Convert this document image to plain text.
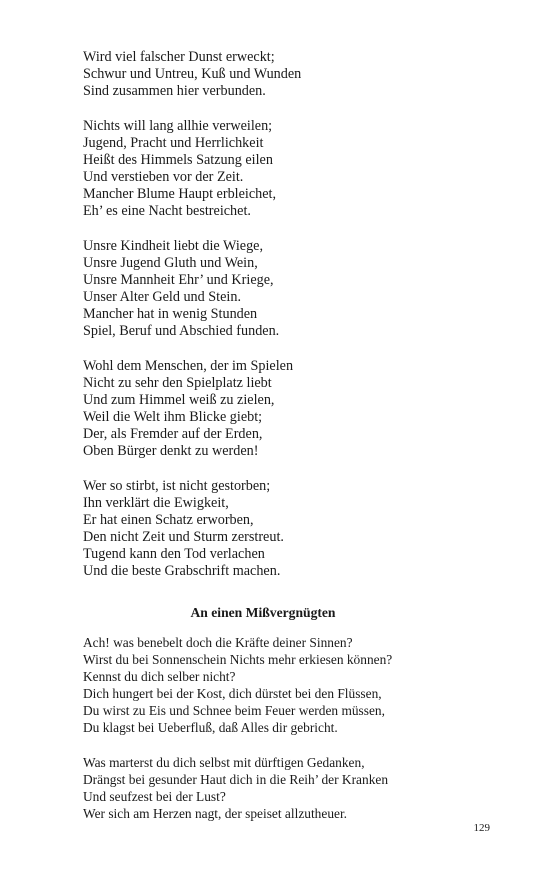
Wird viel falscher Dunst erweckt;
Schwur und Untreu, Kuß und Wunden
Sind zusammen hier verbunden.
Nichts will lang allhie verweilen;
Jugend, Pracht und Herrlichkeit
Heißt des Himmels Satzung eilen
Und verstieben vor der Zeit.
Mancher Blume Haupt erbleichet,
Eh’ es eine Nacht bestreichet.
Unsre Kindheit liebt die Wiege,
Unsre Jugend Gluth und Wein,
Unsre Mannheit Ehr’ und Kriege,
Unser Alter Geld und Stein.
Mancher hat in wenig Stunden
Spiel, Beruf und Abschied funden.
Wohl dem Menschen, der im Spielen
Nicht zu sehr den Spielplatz liebt
Und zum Himmel weiß zu zielen,
Weil die Welt ihm Blicke giebt;
Der, als Fremder auf der Erden,
Oben Bürger denkt zu werden!
Wer so stirbt, ist nicht gestorben;
Ihn verklärt die Ewigkeit,
Er hat einen Schatz erworben,
Den nicht Zeit und Sturm zerstreut.
Tugend kann den Tod verlachen
Und die beste Grabschrift machen.
An einen Mißvergnügten
Ach! was benebelt doch die Kräfte deiner Sinnen?
Wirst du bei Sonnenschein Nichts mehr erkiesen können?
Kennst du dich selber nicht?
Dich hungert bei der Kost, dich dürstet bei den Flüssen,
Du wirst zu Eis und Schnee beim Feuer werden müssen,
Du klagst bei Ueberfluß, daß Alles dir gebricht.
Was marterst du dich selbst mit dürftigen Gedanken,
Drängst bei gesunder Haut dich in die Reih’ der Kranken
Und seufzest bei der Lust?
Wer sich am Herzen nagt, der speiset allzutheuer.
129
